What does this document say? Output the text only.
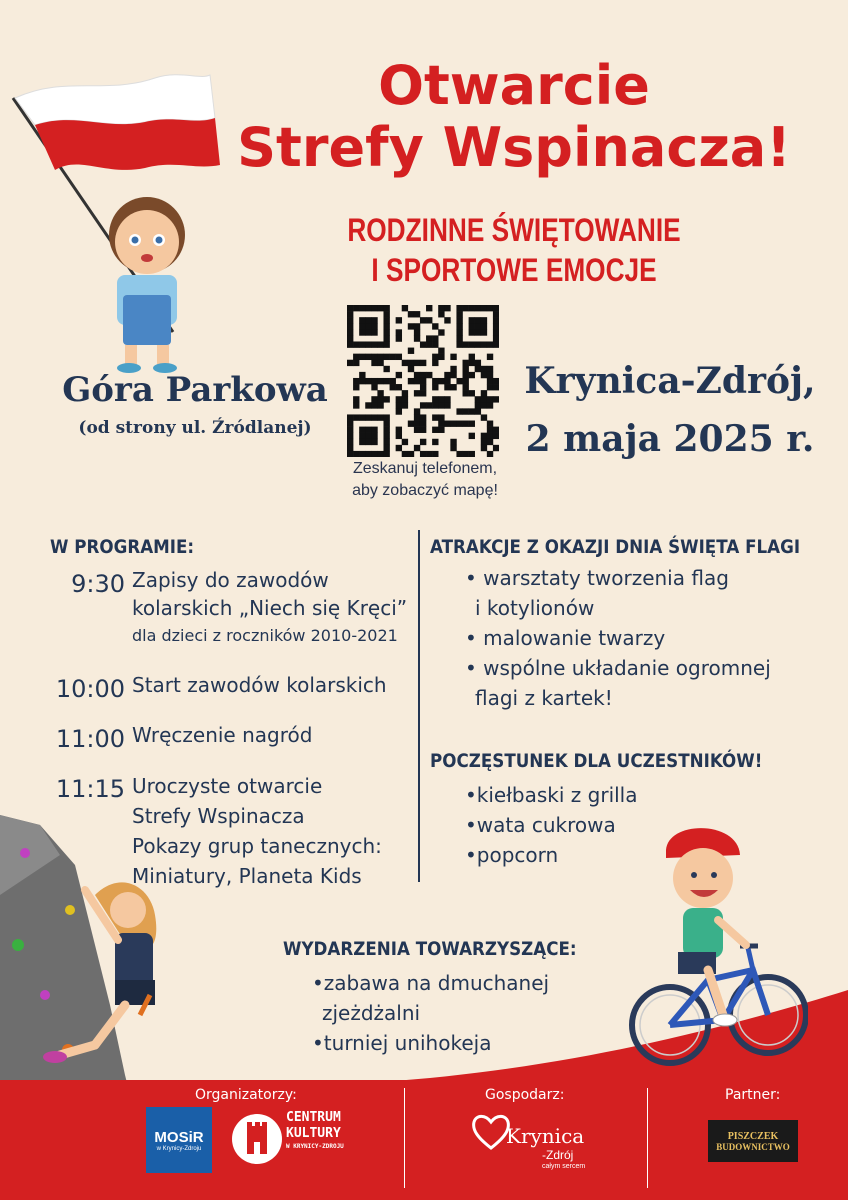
Otwarcie
Strefy Wspinacza!
RODZINNE ŚWIĘTOWANIE
I SPORTOWE EMOCJE
Góra Parkowa
(od strony ul. Źródlanej)
Zeskanuj telefonem,
aby zobaczyć mapę!
Krynica-Zdrój,
2 maja 2025 r.
W PROGRAMIE:
9:30 Zapisy do zawodów
kolarskich „Niech się Kręci”
dla dzieci z roczników 2010-2021
10:00 Start zawodów kolarskich
11:00 Wręczenie nagród
11:15 Uroczyste otwarcie
Strefy Wspinacza
Pokazy grup tanecznych:
Miniatury, Planeta Kids
ATRAKCJE Z OKAZJI DNIA ŚWIĘTA FLAGI
• warsztaty tworzenia flag
i kotylionów
• malowanie twarzy
• wspólne układanie ogromnej
flagi z kartek!
POCZĘSTUNEK DLA UCZESTNIKÓW!
•kiełbaski z grilla
•wata cukrowa
•popcorn
WYDARZENIA TOWARZYSZĄCE:
•zabawa na dmuchanej
zjeżdżalni
•turniej unihokeja
Organizatorzy:	Gospodarz:	Partner:
MOSiR
w Krynicy-Zdroju
CENTRUM
KULTURY
W KRYNICY-ZDROJU	Krynica
-Zdrój
całym sercem
PISZCZEK
BUDOWNICTWO
